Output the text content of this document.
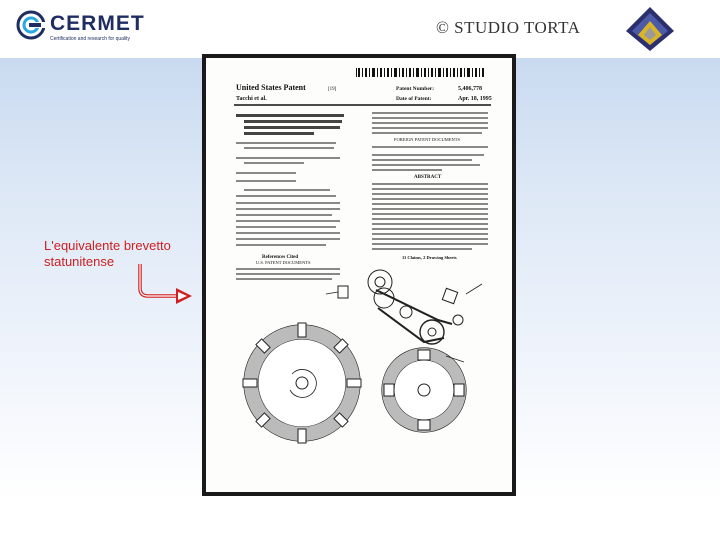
CERMET
Certification and research for quality
© STUDIO TORTA
L'equivalente brevetto statunitense
United States Patent	[19]
Tacchi et al.
Patent Number:	5,406,778
Date of Patent:	Apr. 18, 1995
References Cited
U.S. PATENT DOCUMENTS
FOREIGN PATENT DOCUMENTS
ABSTRACT
11 Claims, 2 Drawing Sheets
